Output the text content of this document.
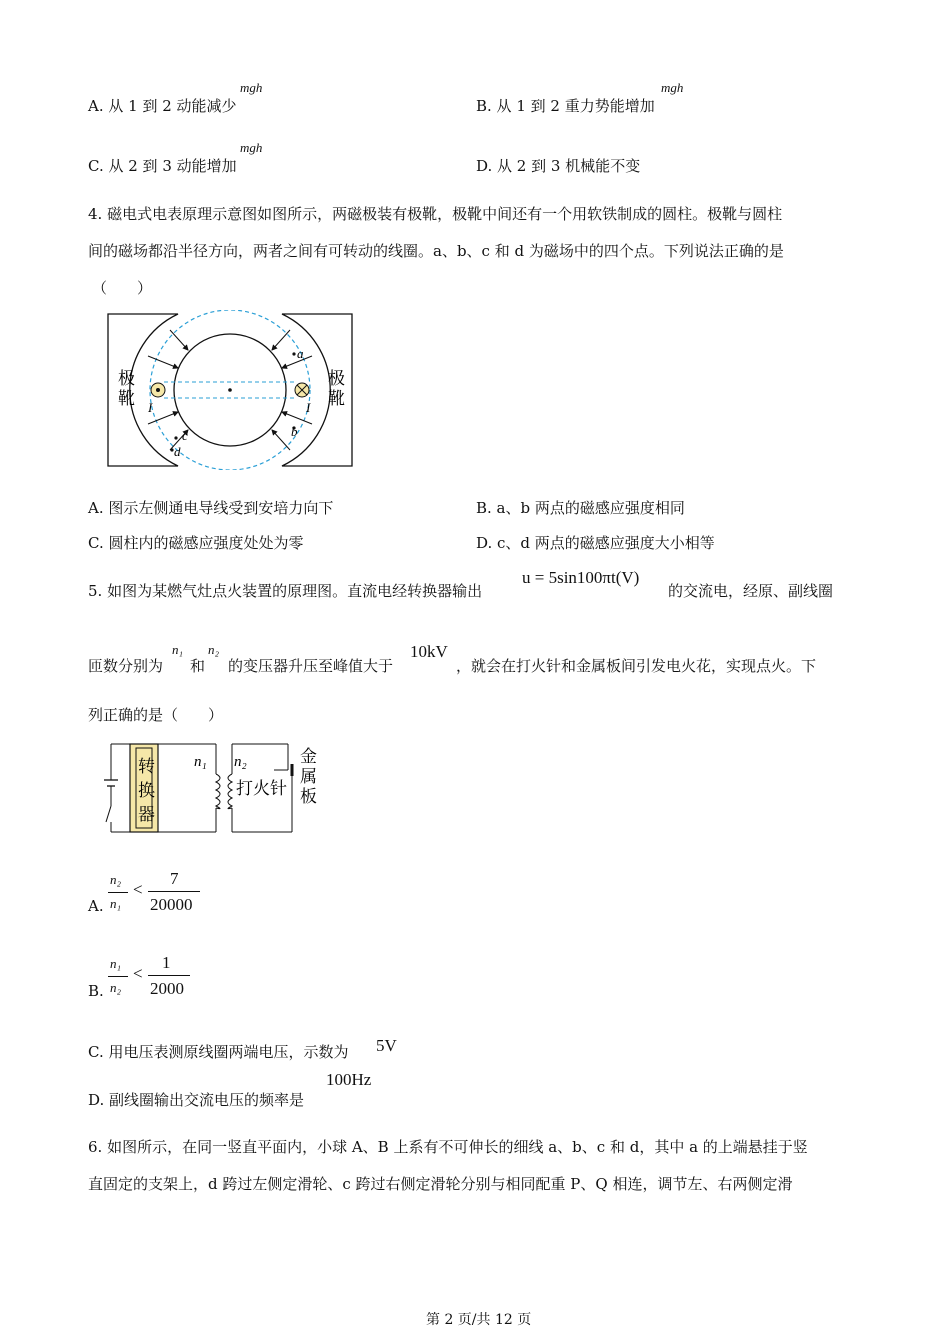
A. 从 1 到 2 动能减少
mgh
B. 从 1 到 2 重力势能增加
mgh
C. 从 2 到 3 动能增加
mgh
D. 从 2 到 3 机械能不变
4. 磁电式电表原理示意图如图所示，两磁极装有极靴，极靴中间还有一个用软铁制成的圆柱。极靴与圆柱
间的磁场都沿半径方向，两者之间有可转动的线圈。a、b、c 和 d 为磁场中的四个点。下列说法正确的是
（　　）
a
b
c
d
I	I
极
靴
极
靴
A. 图示左侧通电导线受到安培力向下	B. a、b 两点的磁感应强度相同
C. 圆柱内的磁感应强度处处为零	D. c、d 两点的磁感应强度大小相等
5. 如图为某燃气灶点火装置的原理图。直流电经转换器输出
u = 5sin100πt(V)
的交流电，经原、副线圈
匝数分别为
n₁
和
n₂
的变压器升压至峰值大于
10kV
，就会在打火针和金属板间引发电火花，实现点火。下
列正确的是（　　）
转
换
器
n₁ n₂
打火针
金
属
板
A.
n₂
n₁
<
7
20000
B.
n₁
n₂
<
1
2000
C. 用电压表测原线圈两端电压，示数为 5V
D. 副线圈输出交流电压的频率是
100Hz
6. 如图所示，在同一竖直平面内，小球 A、B 上系有不可伸长的细线 a、b、c 和 d，其中 a 的上端悬挂于竖
直固定的支架上，d 跨过左侧定滑轮、c 跨过右侧定滑轮分别与相同配重 P、Q 相连，调节左、右两侧定滑
第 2 页/共 12 页
